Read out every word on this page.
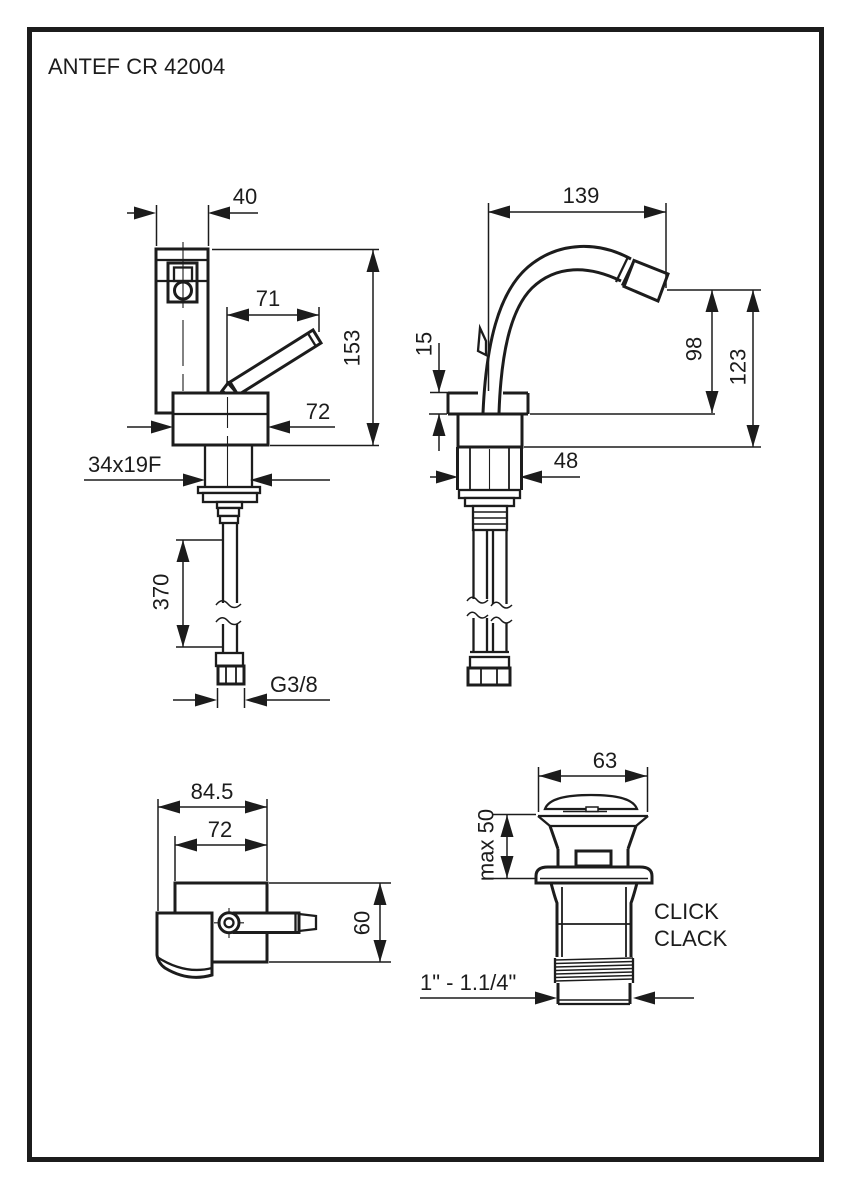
ANTEF CR 42004
40
71
153
72
34x19F
370
G3/8
139
15	98 123
48
84.5
72
60
63
max 50
CLICK
CLACK
1" - 1.1/4"
